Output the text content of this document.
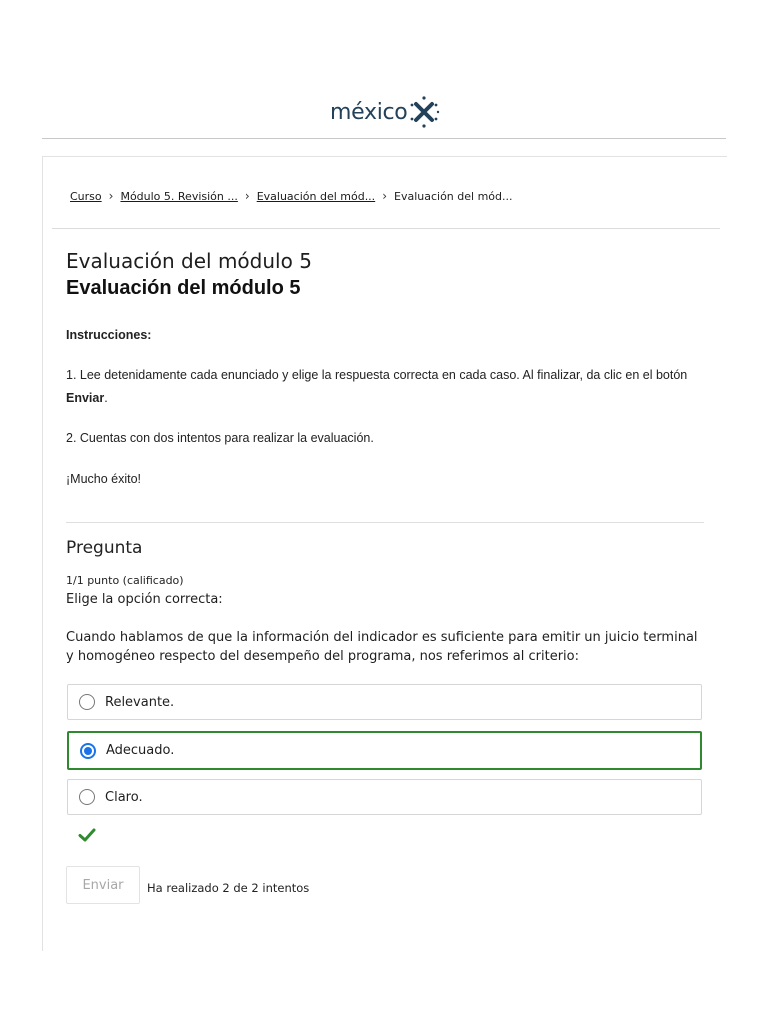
méxico
Curso › Módulo 5. Revisión ... › Evaluación del mód... › Evaluación del mód...
Evaluación del módulo 5
Evaluación del módulo 5
Instrucciones:
1. Lee detenidamente cada enunciado y elige la respuesta correcta en cada caso. Al finalizar, da clic en el botón Enviar.
2. Cuentas con dos intentos para realizar la evaluación.
¡Mucho éxito!
Pregunta
1/1 punto (calificado)
Elige la opción correcta:
Cuando hablamos de que la información del indicador es suficiente para emitir un juicio terminal y homogéneo respecto del desempeño del programa, nos referimos al criterio:
Relevante.
Adecuado.
Claro.
Enviar	Ha realizado 2 de 2 intentos
